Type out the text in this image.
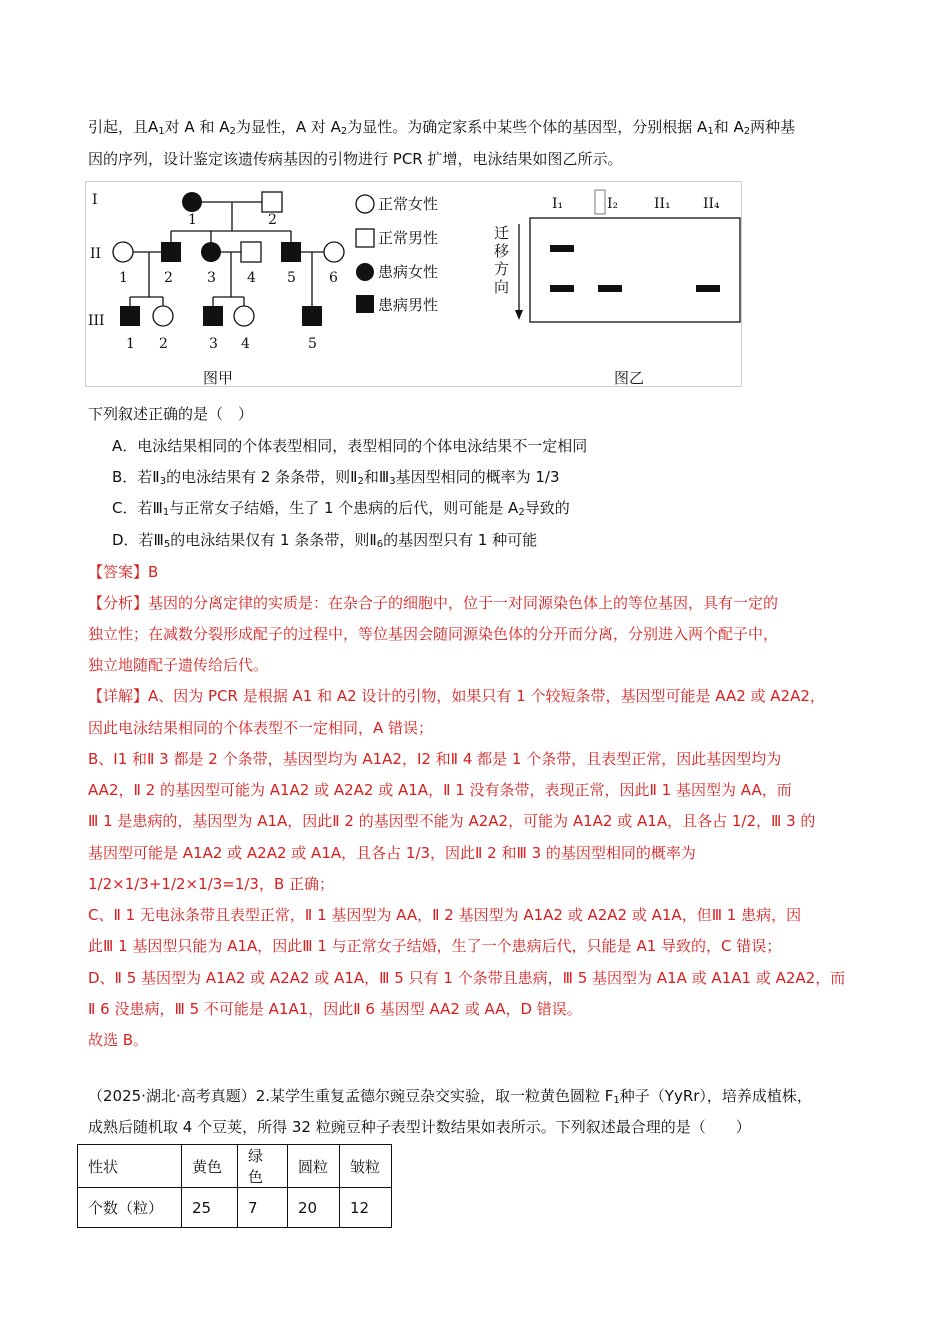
引起，且$A_1$对 A 和 $A_2$为显性，A 对 $A_2$为显性。为确定家系中某些个体的基因型，分别根据 $A_1$和 $A_2$两种基
因的序列，设计鉴定该遗传病基因的引物进行 PCR 扩增，电泳结果如图乙所示。
I
II
III
1	2
1	2 3 4 5 6
1 2	3 4	5
正常女性
正常男性
患病女性
患病男性
I₁	I₂	II₁ II₄
迁
移
方
向
图甲	图乙
下列叙述正确的是（　）
A．电泳结果相同的个体表型相同，表型相同的个体电泳结果不一定相同
B．若$Ⅱ_3$的电泳结果有 2 条条带，则$Ⅱ_2$和$Ⅲ_3$基因型相同的概率为 1/3
C．若$Ⅲ_1$与正常女子结婚，生了 1 个患病的后代，则可能是 $A_2$导致的
D．若$Ⅲ_5$的电泳结果仅有 1 条条带，则$Ⅱ_6$的基因型只有 1 种可能
【答案】B
【分析】基因的分离定律的实质是：在杂合子的细胞中，位于一对同源染色体上的等位基因，具有一定的
独立性；在减数分裂形成配子的过程中，等位基因会随同源染色体的分开而分离，分别进入两个配子中，
独立地随配子遗传给后代。
【详解】A、因为 PCR 是根据 A1 和 A2 设计的引物，如果只有 1 个较短条带，基因型可能是 AA2 或 A2A2，
因此电泳结果相同的个体表型不一定相同，A 错误；
B、I1 和Ⅱ 3 都是 2 个条带，基因型均为 A1A2，I2 和Ⅱ 4 都是 1 个条带，且表型正常，因此基因型均为
AA2，Ⅱ 2 的基因型可能为 A1A2 或 A2A2 或 A1A，Ⅱ 1 没有条带，表现正常，因此Ⅱ 1 基因型为 AA，而
Ⅲ 1 是患病的，基因型为 A1A，因此Ⅱ 2 的基因型不能为 A2A2，可能为 A1A2 或 A1A，且各占 1/2，Ⅲ 3 的
基因型可能是 A1A2 或 A2A2 或 A1A，且各占 1/3，因此Ⅱ 2 和Ⅲ 3 的基因型相同的概率为
1/2×1/3+1/2×1/3=1/3，B 正确；
C、Ⅱ 1 无电泳条带且表型正常，Ⅱ 1 基因型为 AA，Ⅱ 2 基因型为 A1A2 或 A2A2 或 A1A，但Ⅲ 1 患病，因
此Ⅲ 1 基因型只能为 A1A，因此Ⅲ 1 与正常女子结婚，生了一个患病后代，只能是 A1 导致的，C 错误；
D、Ⅱ 5 基因型为 A1A2 或 A2A2 或 A1A，Ⅲ 5 只有 1 个条带且患病，Ⅲ 5 基因型为 A1A 或 A1A1 或 A2A2，而
Ⅱ 6 没患病，Ⅲ 5 不可能是 A1A1，因此Ⅱ 6 基因型 AA2 或 AA，D 错误。
故选 B。
（2025·湖北·高考真题）2.某学生重复孟德尔豌豆杂交实验，取一粒黄色圆粒 $F_1$种子（YyRr），培养成植株，
成熟后随机取 4 个豆荚，所得 32 粒豌豆种子表型计数结果如表所示。下列叙述最合理的是（　　）
性状	黄色	绿色	圆粒	皱粒
个数（粒）	25	7	20	12
